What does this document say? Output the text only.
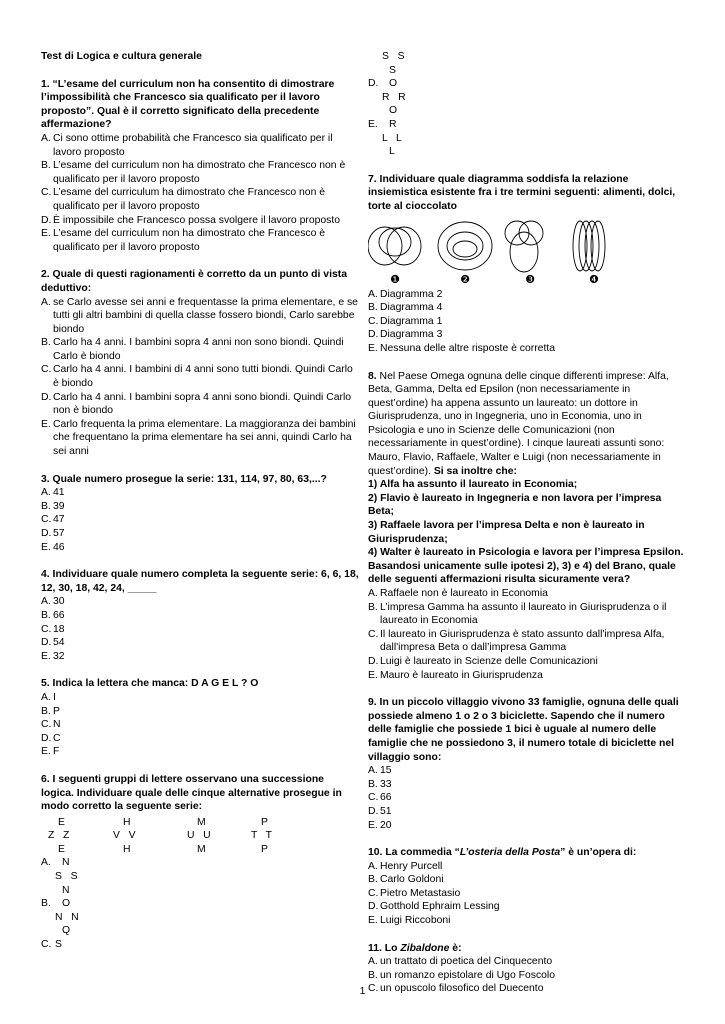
Test di Logica e cultura generale
1. “L’esame del curriculum non ha consentito di dimostrare l’impossibilità che Francesco sia qualificato per il lavoro proposto”. Qual è il corretto significato della precedente affermazione?
A. Ci sono ottime probabilità che Francesco sia qualificato per il lavoro proposto
B. L’esame del curriculum non ha dimostrato che Francesco non è qualificato per il lavoro proposto
C. L’esame del curriculum ha dimostrato che Francesco non è qualificato per il lavoro proposto
D. È impossibile che Francesco possa svolgere il lavoro proposto
E. L’esame del curriculum non ha dimostrato che Francesco è qualificato per il lavoro proposto
2. Quale di questi ragionamenti è corretto da un punto di vista deduttivo:
A. se Carlo avesse sei anni e frequentasse la prima elementare, e se tutti gli altri bambini di quella classe fossero biondi, Carlo sarebbe biondo
B. Carlo ha 4 anni. I bambini sopra 4 anni non sono biondi. Quindi Carlo è biondo
C. Carlo ha 4 anni. I bambini di 4 anni sono tutti biondi. Quindi Carlo è biondo
D. Carlo ha 4 anni. I bambini sopra 4 anni sono biondi. Quindi Carlo non è biondo
E. Carlo frequenta la prima elementare. La maggioranza dei bambini che frequentano la prima elementare ha sei anni, quindi Carlo ha sei anni
3. Quale numero prosegue la serie: 131, 114, 97, 80, 63,...?
A. 41
B. 39
C. 47
D. 57
E. 46
4. Individuare quale numero completa la seguente serie: 6, 6, 18, 12, 30, 18, 42, 24, _____
A. 30
B. 66
C. 18
D. 54
E. 32
5. Indica la lettera che manca: D A G E L ? O
A. I
B. P
C. N
D. C
E. F
6. I seguenti gruppi di lettere osservano una successione logica. Individuare quale delle cinque alternative prosegue in modo corretto la seguente serie:
E	H	M	P
Z   Z	V   V	U   U	T   T
E	H	M	P
A. N
S   S
N
B. O
N   N
Q
C. S
S   S
S
D. O
R   R
O
E. R
L   L
L
7. Individuare quale diagramma soddisfa la relazione insiemistica esistente fra i tre termini seguenti: alimenti, dolci, torte al cioccolato
❶	❷	❸	❹
A. Diagramma 2
B. Diagramma 4
C. Diagramma 1
D. Diagramma 3
E. Nessuna delle altre risposte è corretta
8. Nel Paese Omega ognuna delle cinque differenti imprese: Alfa, Beta, Gamma, Delta ed Epsilon (non necessariamente in quest’ordine) ha appena assunto un laureato: un dottore in Giurisprudenza, uno in Ingegneria, uno in Economia, uno in Psicologia e uno in Scienze delle Comunicazioni (non necessariamente in quest’ordine). I cinque laureati assunti sono: Mauro, Flavio, Raffaele, Walter e Luigi (non necessariamente in quest’ordine). Si sa inoltre che:
1) Alfa ha assunto il laureato in Economia;
2) Flavio è laureato in Ingegneria e non lavora per l’impresa Beta;
3) Raffaele lavora per l’impresa Delta e non è laureato in Giurisprudenza;
4) Walter è laureato in Psicologia e lavora per l’impresa Epsilon. Basandosi unicamente sulle ipotesi 2), 3) e 4) del Brano, quale delle seguenti affermazioni risulta sicuramente vera?
A. Raffaele non è laureato in Economia
B. L’impresa Gamma ha assunto il laureato in Giurisprudenza o il laureato in Economia
C. Il laureato in Giurisprudenza è stato assunto dall'impresa Alfa, dall'impresa Beta o dall’impresa Gamma
D. Luigi è laureato in Scienze delle Comunicazioni
E. Mauro è laureato in Giurisprudenza
9. In un piccolo villaggio vivono 33 famiglie, ognuna delle quali possiede almeno 1 o 2 o 3 biciclette. Sapendo che il numero delle famiglie che possiede 1 bici è uguale al numero delle famiglie che ne possiedono 3, il numero totale di biciclette nel villaggio sono:
A. 15
B. 33
C. 66
D. 51
E. 20
10. La commedia “L’osteria della Posta” è un’opera di:
A. Henry Purcell
B. Carlo Goldoni
C. Pietro Metastasio
D. Gotthold Ephraim Lessing
E. Luigi Riccoboni
11. Lo Zibaldone è:
A. un trattato di poetica del Cinquecento
B. un romanzo epistolare di Ugo Foscolo
C. un opuscolo filosofico del Duecento
1
